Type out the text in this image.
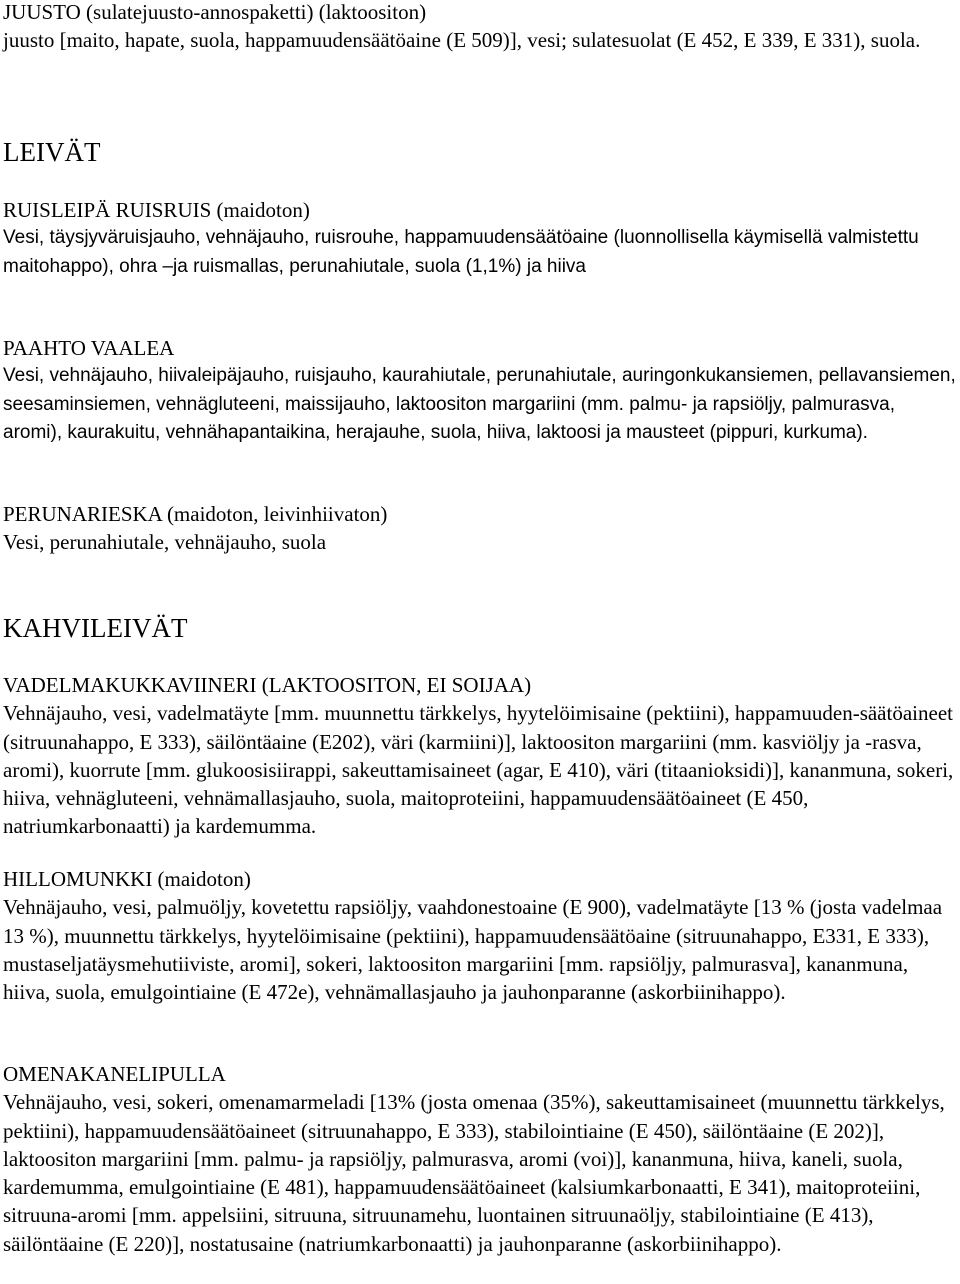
JUUSTO (sulatejuusto-annospaketti) (laktoositon)
juusto [maito, hapate, suola, happamuudensäätöaine (E 509)], vesi; sulatesuolat (E 452, E 339, E 331), suola.
LEIVÄT
RUISLEIPÄ RUISRUIS (maidoton)
Vesi, täysjyväruisjauho, vehnäjauho, ruisrouhe, happamuudensäätöaine (luonnollisella käymisellä valmistettu maitohappo), ohra –ja ruismallas, perunahiutale, suola (1,1%) ja hiiva
PAAHTO VAALEA
Vesi, vehnäjauho, hiivaleipäjauho, ruisjauho, kaurahiutale, perunahiutale, auringonkukansiemen, pellavansiemen, seesaminsiemen, vehnägluteeni, maissijauho, laktoositon margariini (mm. palmu- ja rapsiöljy, palmurasva, aromi), kaurakuitu, vehnähapantaikina, herajauhe, suola, hiiva, laktoosi ja mausteet (pippuri, kurkuma).
PERUNARIESKA (maidoton, leivinhiivaton)
Vesi, perunahiutale, vehnäjauho, suola
KAHVILEIVÄT
VADELMAKUKKAVIINERI (LAKTOOSITON, EI SOIJAA)
Vehnäjauho, vesi, vadelmatäyte [mm. muunnettu tärkkelys, hyytelöimisaine (pektiini), happamuuden-säätöaineet (sitruunahappo, E 333), säilöntäaine (E202), väri (karmiini)], laktoositon margariini (mm. kasviöljy ja -rasva, aromi), kuorrute [mm. glukoosisiirappi, sakeuttamisaineet (agar, E 410), väri (titaanioksidi)], kananmuna, sokeri, hiiva, vehnägluteeni, vehnämallasjauho, suola, maitoproteiini, happamuudensäätöaineet (E 450, natriumkarbonaatti) ja kardemumma.
HILLOMUNKKI (maidoton)
Vehnäjauho, vesi, palmuöljy, kovetettu rapsiöljy, vaahdonestoaine (E 900), vadelmatäyte [13 % (josta vadelmaa 13 %), muunnettu tärkkelys, hyytelöimisaine (pektiini), happamuudensäätöaine (sitruunahappo, E331, E 333), mustaseljatäysmehutiiviste, aromi], sokeri, laktoositon margariini [mm. rapsiöljy, palmurasva], kananmuna, hiiva, suola, emulgointiaine (E 472e), vehnämallasjauho ja jauhonparanne (askorbiinihappo).
OMENAKANELIPULLA
Vehnäjauho, vesi, sokeri, omenamarmeladi [13% (josta omenaa (35%), sakeuttamisaineet (muunnettu tärkkelys, pektiini), happamuudensäätöaineet (sitruunahappo, E 333), stabilointiaine (E 450), säilöntäaine (E 202)], laktoositon margariini [mm. palmu- ja rapsiöljy, palmurasva, aromi (voi)], kananmuna, hiiva, kaneli, suola, kardemumma, emulgointiaine (E 481), happamuudensäätöaineet (kalsiumkarbonaatti, E 341), maitoproteiini, sitruuna-aromi [mm. appelsiini, sitruuna, sitruunamehu, luontainen sitruunaöljy, stabilointiaine (E 413), säilöntäaine (E 220)], nostatusaine (natriumkarbonaatti) ja jauhonparanne (askorbiinihappo).
